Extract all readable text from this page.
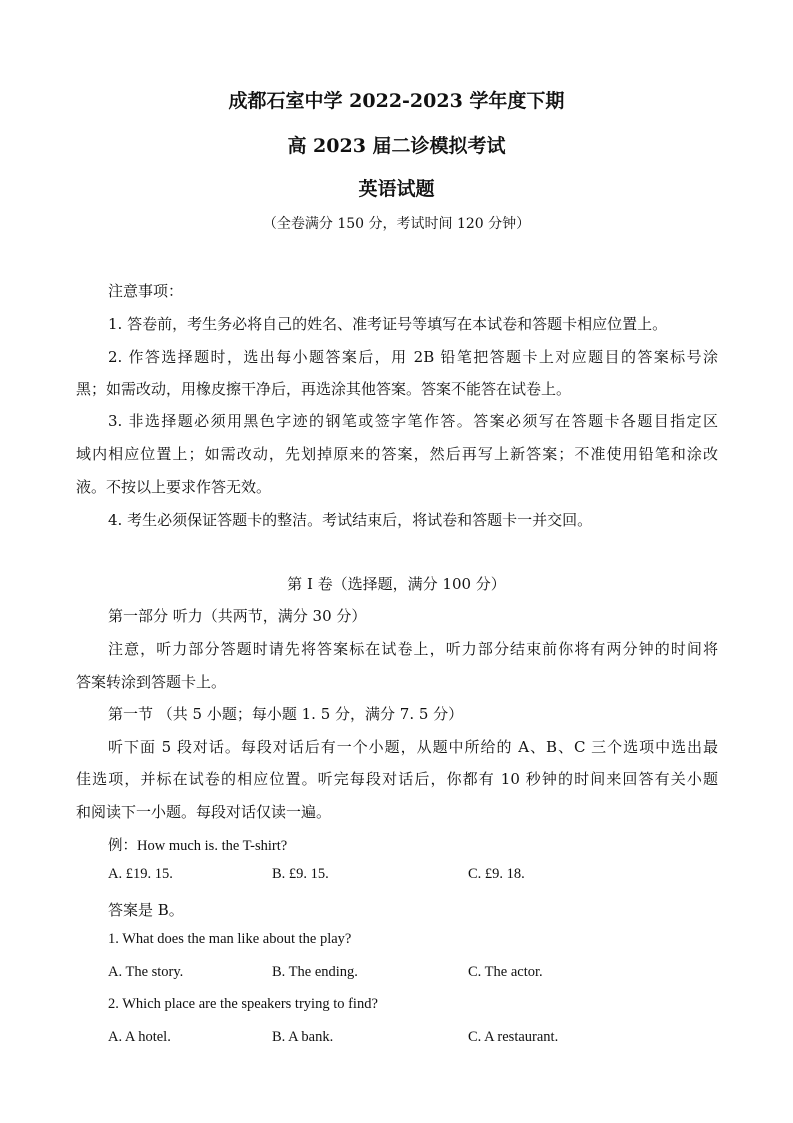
成都石室中学 2022-2023 学年度下期
高 2023 届二诊模拟考试
英语试题
（全卷满分 150 分，考试时间 120 分钟）
注意事项：
1. 答卷前，考生务必将自己的姓名、准考证号等填写在本试卷和答题卡相应位置上。
2. 作答选择题时，选出每小题答案后，用 2B 铅笔把答题卡上对应题目的答案标号涂
黑；如需改动，用橡皮擦干净后，再选涂其他答案。答案不能答在试卷上。
3. 非选择题必须用黑色字迹的钢笔或签字笔作答。答案必须写在答题卡各题目指定区
域内相应位置上；如需改动，先划掉原来的答案，然后再写上新答案；不准使用铅笔和涂改
液。不按以上要求作答无效。
4. 考生必须保证答题卡的整洁。考试结束后，将试卷和答题卡一并交回。
第 I 卷（选择题，满分 100 分）
第一部分 听力（共两节，满分 30 分）
注意，听力部分答题时请先将答案标在试卷上，听力部分结束前你将有两分钟的时间将
答案转涂到答题卡上。
第一节 （共 5 小题；每小题 1. 5 分，满分 7. 5 分）
听下面 5 段对话。每段对话后有一个小题，从题中所给的 A、B、C 三个选项中选出最
佳选项，并标在试卷的相应位置。听完每段对话后，你都有 10 秒钟的时间来回答有关小题
和阅读下一小题。每段对话仅读一遍。
例：How much is. the T-shirt?
A. £19. 15.	B. £9. 15.	C. £9. 18.
答案是 B。
1. What does the man like about the play?
A. The story.	B. The ending.	C. The actor.
2. Which place are the speakers trying to find?
A. A hotel.	B. A bank.	C. A restaurant.
